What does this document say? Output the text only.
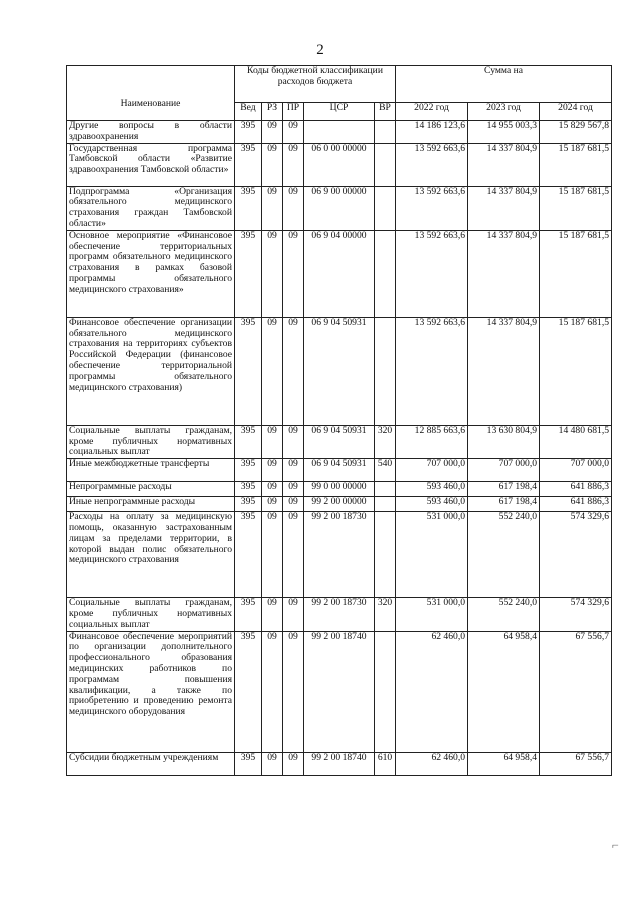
2
Наименование	Коды бюджетной классификации расходов бюджета					Сумма на		
	Вед	РЗ	ПР	ЦСР	ВР	2022 год	2023 год	2024 год
Другие вопросы в области здравоохранения	395	09	09			14 186 123,6	14 955 003,3	15 829 567,8
Государственная программа Тамбовской области «Развитие здравоохранения Тамбовской области»	395	09	09	06 0 00 00000		13 592 663,6	14 337 804,9	15 187 681,5
Подпрограмма «Организация обязательного медицинского страхования граждан Тамбовской области»	395	09	09	06 9 00 00000		13 592 663,6	14 337 804,9	15 187 681,5
Основное мероприятие «Финансовое обеспечение территориальных программ обязательного медицинского страхования в рамках базовой программы обязательного медицинского страхования»	395	09	09	06 9 04 00000		13 592 663,6	14 337 804,9	15 187 681,5
Финансовое обеспечение организации обязательного медицинского страхования на территориях субъектов Российской Федерации (финансовое обеспечение территориальной программы обязательного медицинского страхования)	395	09	09	06 9 04 50931		13 592 663,6	14 337 804,9	15 187 681,5
Социальные выплаты гражданам, кроме публичных нормативных социальных выплат	395	09	09	06 9 04 50931	320	12 885 663,6	13 630 804,9	14 480 681,5
Иные межбюджетные трансферты	395	09	09	06 9 04 50931	540	707 000,0	707 000,0	707 000,0
Непрограммные расходы	395	09	09	99 0 00 00000		593 460,0	617 198,4	641 886,3
Иные непрограммные расходы	395	09	09	99 2 00 00000		593 460,0	617 198,4	641 886,3
Расходы на оплату за медицинскую помощь, оказанную застрахованным лицам за пределами территории, в которой выдан полис обязательного медицинского страхования	395	09	09	99 2 00 18730		531 000,0	552 240,0	574 329,6
Социальные выплаты гражданам, кроме публичных нормативных социальных выплат	395	09	09	99 2 00 18730	320	531 000,0	552 240,0	574 329,6
Финансовое обеспечение мероприятий по организации дополнительного профессионального образования медицинских работников по программам повышения квалификации, а также по приобретению и проведению ремонта медицинского оборудования	395	09	09	99 2 00 18740		62 460,0	64 958,4	67 556,7
Субсидии бюджетным учреждениям	395	09	09	99 2 00 18740	610	62 460,0	64 958,4	67 556,7
⌐
